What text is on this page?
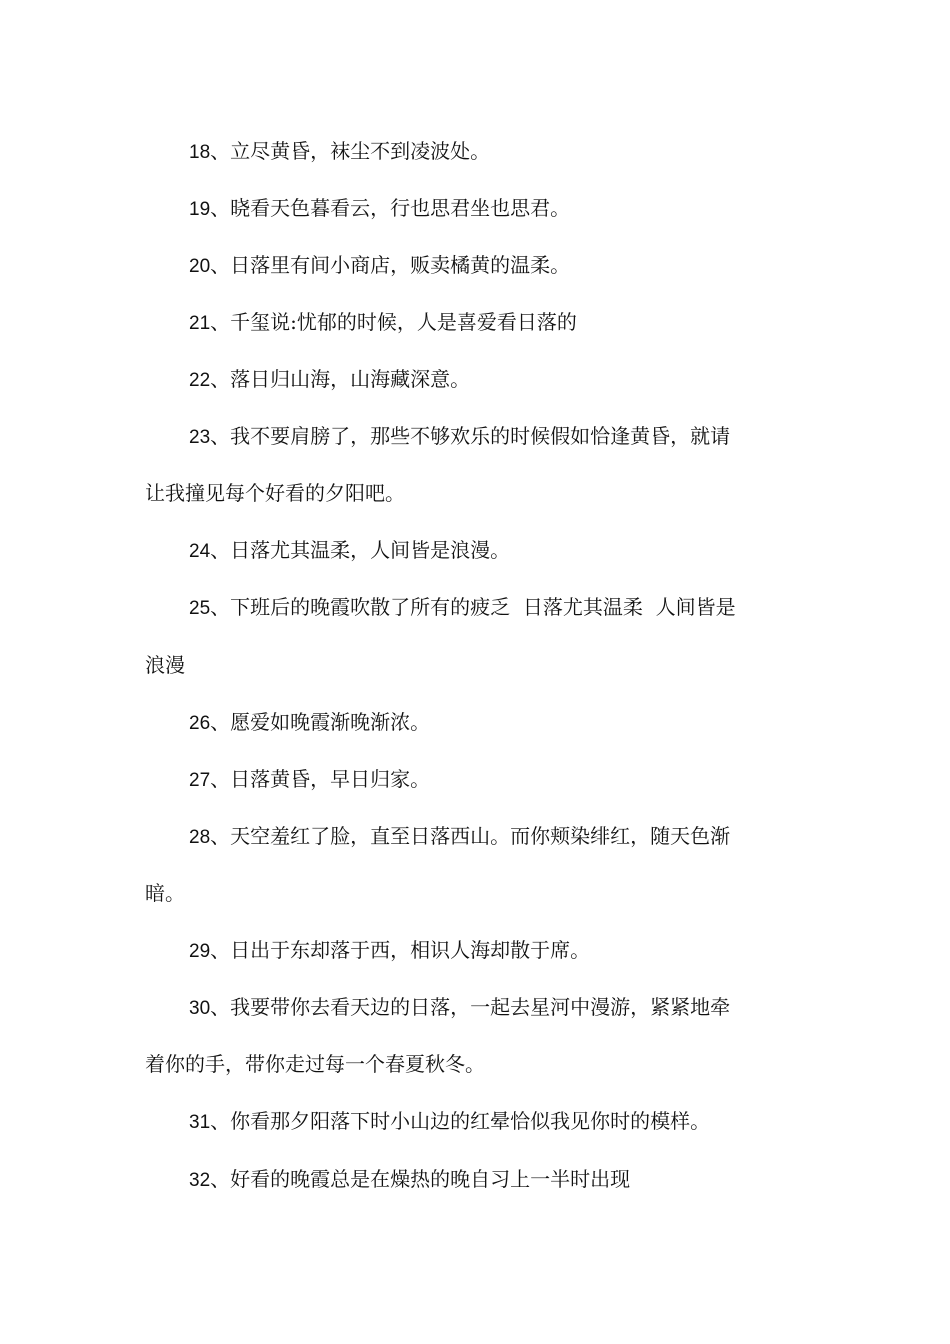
18、立尽黄昏，袜尘不到凌波处。
19、晓看天色暮看云，行也思君坐也思君。
20、日落里有间小商店，贩卖橘黄的温柔。
21、千玺说:忧郁的时候，人是喜爱看日落的
22、落日归山海，山海藏深意。
23、我不要肩膀了，那些不够欢乐的时候假如恰逢黄昏，就请
让我撞见每个好看的夕阳吧。
24、日落尤其温柔，人间皆是浪漫。
25、下班后的晚霞吹散了所有的疲乏  日落尤其温柔  人间皆是
浪漫
26、愿爱如晚霞渐晚渐浓。
27、日落黄昏，早日归家。
28、天空羞红了脸，直至日落西山。而你颊染绯红，随天色渐
暗。
29、日出于东却落于西，相识人海却散于席。
30、我要带你去看天边的日落，一起去星河中漫游，紧紧地牵
着你的手，带你走过每一个春夏秋冬。
31、你看那夕阳落下时小山边的红晕恰似我见你时的模样。
32、好看的晚霞总是在燥热的晚自习上一半时出现
